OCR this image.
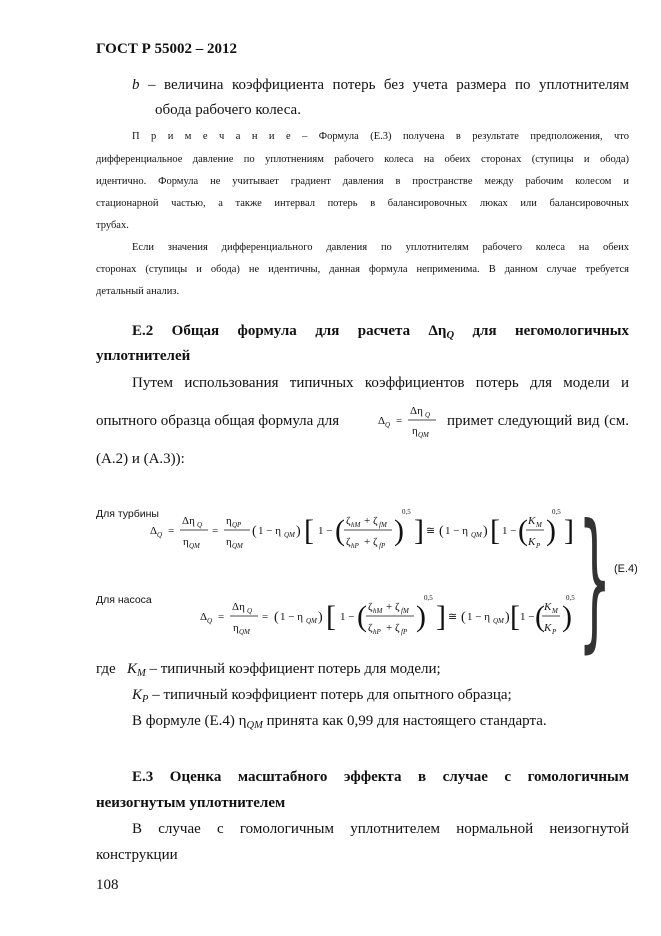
ГОСТ Р 55002 – 2012
b – величина коэффициента потерь без учета размера по уплотнителям
обода рабочего колеса.
П р и м е ч а н и е – Формула (Е.3) получена в результате предположения, что
дифференциальное давление по уплотнениям рабочего колеса на обеих сторонах (ступицы и обода)
идентично. Формула не учитывает градиент давления в пространстве между рабочим колесом и
стационарной частью, а также интервал потерь в балансировочных люках или балансировочных
трубах.
Если значения дифференциального давления по уплотнителям рабочего колеса на обеих
сторонах (ступицы и обода) не идентичны, данная формула неприменима. В данном случае требуется
детальный анализ.
Е.2 Общая формула для расчета $\Delta\eta_Q$ для негомологичных
уплотнителей
Путем использования типичных коэффициентов потерь для модели и
опытного образца общая формула для	Δ Q =
Δη Q
η QM
примет следующий вид (см.
(А.2) и (А.3)):
Для турбины
Δ Q =
Δη Q
η QM
=
η QP
η QM
( 1 − η QM ) [ 1 − ( ζ hM + ζ fM
ζ hP + ζ fP )
0,5
] ≅ ( 1 − η QM ) [ 1 − ( K M
K P )
0,5
] } (Е.4)
Для насоса
Δ Q =
Δη Q
η QM
= ( 1 − η QM ) [ 1 − ( ζ hM + ζ fM
ζ hP + ζ fP )
0,5
] ≅ ( 1 − η QM ) [ 1 − ( K M
K P )
0,5
где $K_M$ – типичный коэффициент потерь для модели;
$K_P$ – типичный коэффициент потерь для опытного образца;
В формуле (Е.4) $\eta_{QM}$ принята как 0,99 для настоящего стандарта.
Е.3 Оценка масштабного эффекта в случае с гомологичным
неизогнутым уплотнителем
В случае с гомологичным уплотнителем нормальной неизогнутой
конструкции
108
